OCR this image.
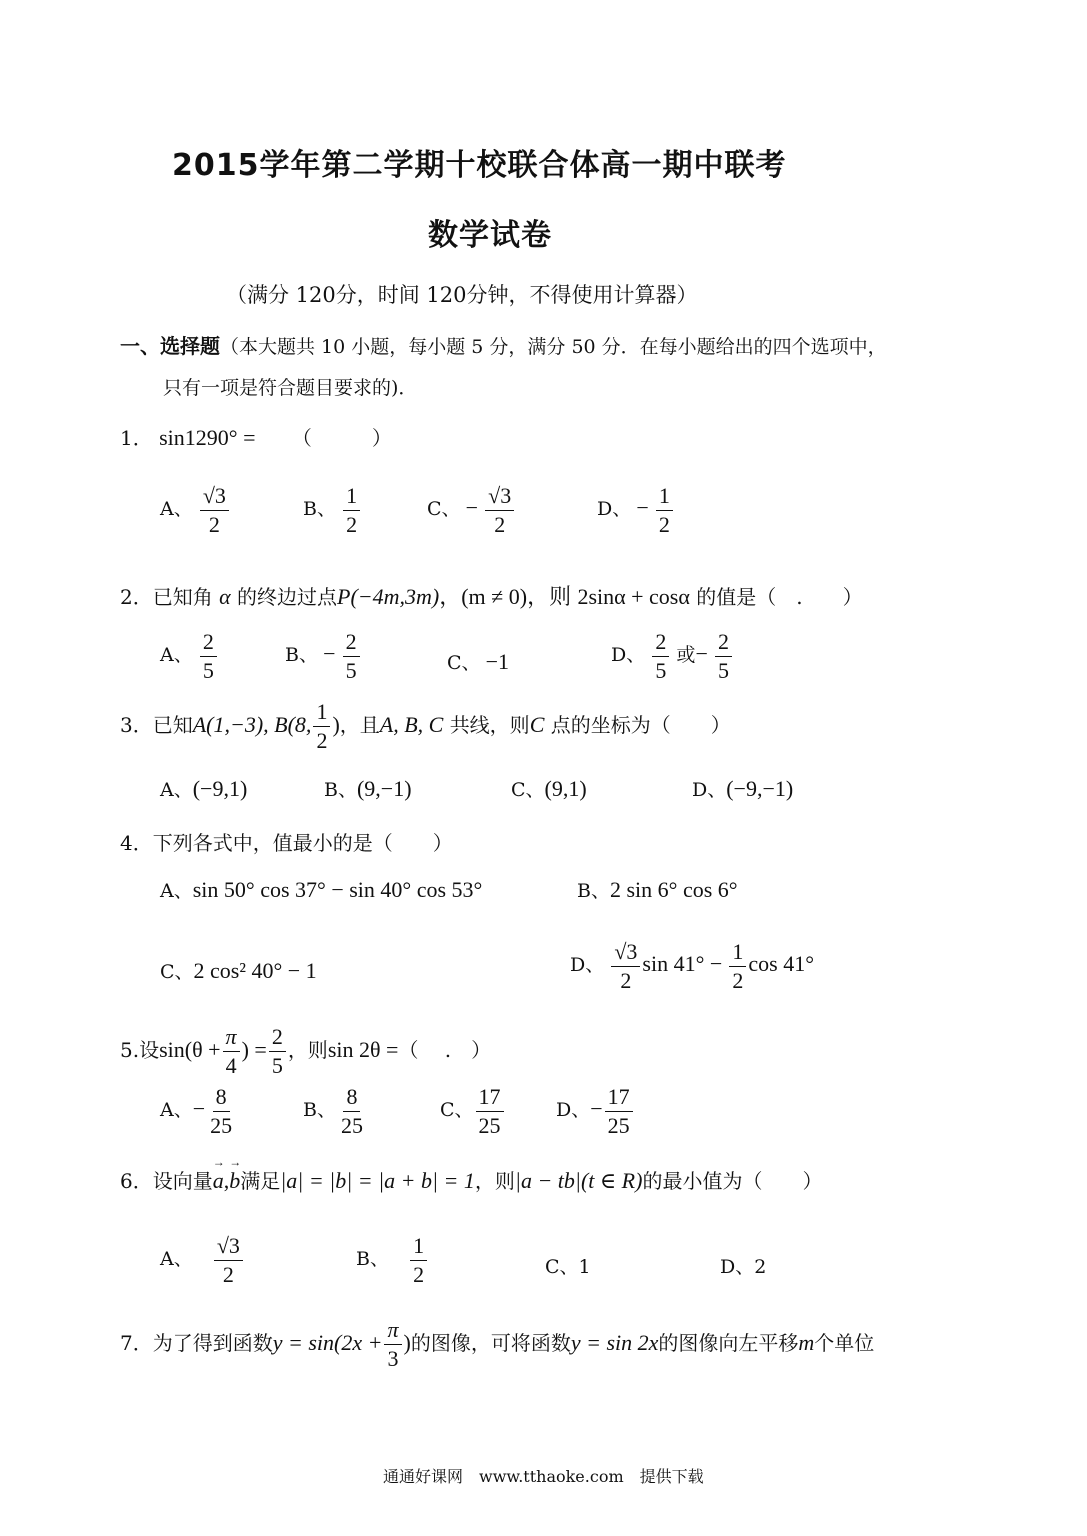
2015学年第二学期十校联合体高一期中联考
数学试卷
（满分 120分，时间 120分钟，不得使用计算器）
一、选择题（本大题共 10 小题，每小题 5 分，满分 50 分．在每小题给出的四个选项中，
只有一项是符合题目要求的)．
1． sin1290° = （　　　）
A、 $\frac{√3}{2}$	B、 $\frac{1}{2}$	C、 − $\frac{√3}{2}$	D、 − $\frac{1}{2}$
2．已知角 α 的终边过点P(−4m,3m)，(m ≠ 0)，则 2sinα + cosα 的值是（　.　　）
A、 $\frac{2}{5}$	B、 − $\frac{2}{5}$	C、 −1	D、 $\frac{2}{5}$ 或− $\frac{2}{5}$
3．已知A(1,−3), B(8, $\frac{1}{2}$ )，且A, B, C 共线，则C 点的坐标为（　　）
A、(−9,1)	B、(9,−1)	C、(9,1)	D、(−9,−1)
4．下列各式中，值最小的是（　　）
A、sin 50° cos 37° − sin 40° cos 53°	B、2 sin 6° cos 6°
C、2 cos² 40° − 1	D、 $\frac{√3}{2}$ $\sin 41^\circ - \frac{1}{2}$ cos 41°
5.设$\sin(\theta + \frac{\pi}{4}$ ) = $\frac{2}{5}$ ，则sin 2θ =（　 .　）
A、− $\frac{8}{25}$	B、 $\frac{8}{25}$	C、 $\frac{17}{25}$	D、− $\frac{17}{25}$
6．设向量→ a,→ b满足|a| = |b| = |a + b| = 1，则|a − tb|(t ∈ R)的最小值为（　　）
A、 $\frac{√3}{2}$	B、 $\frac{1}{2}$	C、1	D、2
7．为了得到函数$y = \sin(2x + \frac{\pi}{3}$ )的图像，可将函数y = sin 2x的图像向左平移m个单位
通通好课网　www.tthaoke.com　提供下载
